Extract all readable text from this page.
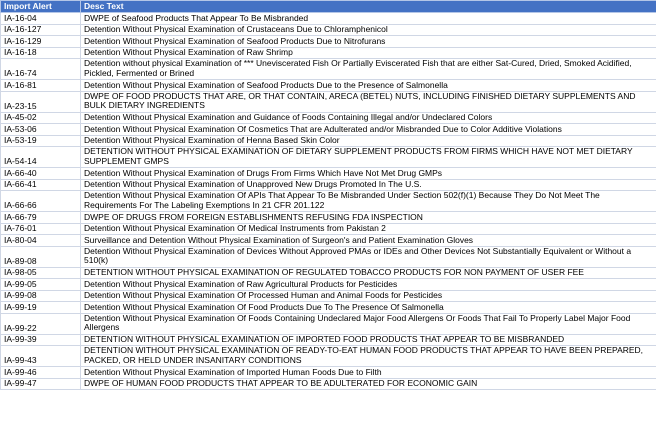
Import Alert	Desc Text
IA-16-04	DWPE of Seafood Products That Appear To Be Misbranded
IA-16-127	Detention Without Physical Examination of Crustaceans Due to Chloramphenicol
IA-16-129	Detention Without Physical Examination of Seafood Products Due to Nitrofurans
IA-16-18	Detention Without Physical Examination of Raw Shrimp
IA-16-74	Detention without physical Examination of *** Uneviscerated Fish Or Partially Eviscerated Fish that are either Sat-Cured, Dried, Smoked Acidified, Pickled, Fermented or Brined
IA-16-81	Detention Without Physical Examination of Seafood Products Due to the Presence of Salmonella
IA-23-15	DWPE OF FOOD PRODUCTS THAT ARE, OR THAT CONTAIN, ARECA (BETEL) NUTS, INCLUDING FINISHED DIETARY SUPPLEMENTS AND BULK DIETARY INGREDIENTS
IA-45-02	Detention Without Physical Examination and Guidance of Foods Containing Illegal and/or Undeclared Colors
IA-53-06	Detention Without Physical Examination Of Cosmetics That are Adulterated and/or Misbranded Due to Color Additive Violations
IA-53-19	Detention Without Physical Examination of Henna Based Skin Color
IA-54-14	DETENTION WITHOUT PHYSICAL EXAMINATION OF DIETARY SUPPLEMENT PRODUCTS FROM FIRMS WHICH HAVE NOT MET DIETARY SUPPLEMENT GMPS
IA-66-40	Detention Without Physical Examination of Drugs From Firms Which Have Not Met Drug GMPs
IA-66-41	Detention Without Physical Examination of Unapproved New Drugs Promoted In The U.S.
IA-66-66	Detention Without Physical Examination Of APIs That Appear To Be Misbranded Under Section 502(f)(1) Because They Do Not Meet The Requirements For The Labeling Exemptions In 21 CFR 201.122
IA-66-79	DWPE OF DRUGS FROM FOREIGN ESTABLISHMENTS REFUSING FDA INSPECTION
IA-76-01	Detention Without Physical Examination Of Medical Instruments from Pakistan 2
IA-80-04	Surveillance and Detention Without Physical Examination of Surgeon's and Patient Examination Gloves
IA-89-08	Detention Without Physical Examination of Devices Without Approved PMAs or IDEs and Other Devices Not Substantially Equivalent or Without a 510(k)
IA-98-05	DETENTION WITHOUT PHYSICAL EXAMINATION OF REGULATED TOBACCO PRODUCTS FOR NON PAYMENT OF USER FEE
IA-99-05	Detention Without Physical Examination of Raw Agricultural Products for Pesticides
IA-99-08	Detention Without Physical Examination Of Processed Human and Animal Foods for Pesticides
IA-99-19	Detention Without Physical Examination Of Food Products Due To The Presence Of Salmonella
IA-99-22	Detention Without Physical Examination Of Foods Containing Undeclared Major Food Allergens Or Foods That Fail To Properly Label Major Food Allergens
IA-99-39	DETENTION WITHOUT PHYSICAL EXAMINATION OF IMPORTED FOOD PRODUCTS THAT APPEAR TO BE MISBRANDED
IA-99-43	DETENTION WITHOUT PHYSICAL EXAMINATION OF READY-TO-EAT HUMAN FOOD PRODUCTS THAT APPEAR TO HAVE BEEN PREPARED, PACKED, OR HELD UNDER INSANITARY CONDITIONS
IA-99-46	Detention Without Physical Examination of Imported Human Foods Due to Filth
IA-99-47	DWPE OF HUMAN FOOD PRODUCTS THAT APPEAR TO BE ADULTERATED FOR ECONOMIC GAIN
